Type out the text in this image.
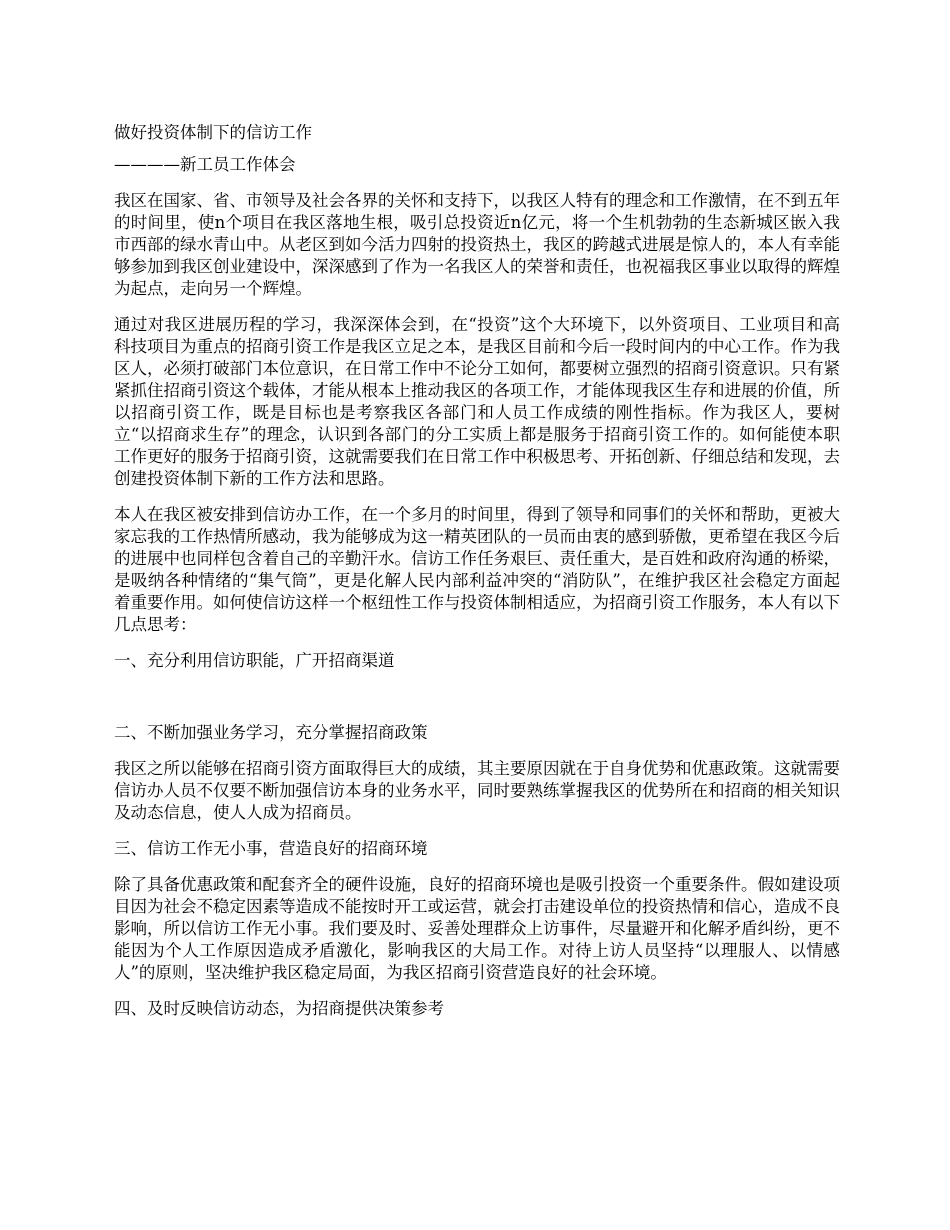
做好投资体制下的信访工作
————新工员工作体会

我区在国家、省、市领导及社会各界的关怀和支持下，以我区人特有的理念和工作激情，在不到五年的时间里，使n个项目在我区落地生根，吸引总投资近n亿元，将一个生机勃勃的生态新城区嵌入我市西部的绿水青山中。从老区到如今活力四射的投资热土，我区的跨越式进展是惊人的，本人有幸能够参加到我区创业建设中，深深感到了作为一名我区人的荣誉和责任，也祝福我区事业以取得的辉煌为起点，走向另一个辉煌。

通过对我区进展历程的学习，我深深体会到，在“投资”这个大环境下，以外资项目、工业项目和高科技项目为重点的招商引资工作是我区立足之本，是我区目前和今后一段时间内的中心工作。作为我区人，必须打破部门本位意识，在日常工作中不论分工如何，都要树立强烈的招商引资意识。只有紧紧抓住招商引资这个载体，才能从根本上推动我区的各项工作，才能体现我区生存和进展的价值，所以招商引资工作，既是目标也是考察我区各部门和人员工作成绩的刚性指标。作为我区人，要树立“以招商求生存”的理念，认识到各部门的分工实质上都是服务于招商引资工作的。如何能使本职工作更好的服务于招商引资，这就需要我们在日常工作中积极思考、开拓创新、仔细总结和发现，去创建投资体制下新的工作方法和思路。

本人在我区被安排到信访办工作，在一个多月的时间里，得到了领导和同事们的关怀和帮助，更被大家忘我的工作热情所感动，我为能够成为这一精英团队的一员而由衷的感到骄傲，更希望在我区今后的进展中也同样包含着自己的辛勤汗水。信访工作任务艰巨、责任重大，是百姓和政府沟通的桥梁，是吸纳各种情绪的“集气筒”，更是化解人民内部利益冲突的“消防队”，在维护我区社会稳定方面起着重要作用。如何使信访这样一个枢纽性工作与投资体制相适应，为招商引资工作服务，本人有以下几点思考：

一、充分利用信访职能，广开招商渠道
二、不断加强业务学习，充分掌握招商政策

我区之所以能够在招商引资方面取得巨大的成绩，其主要原因就在于自身优势和优惠政策。这就需要信访办人员不仅要不断加强信访本身的业务水平，同时要熟练掌握我区的优势所在和招商的相关知识及动态信息，使人人成为招商员。

三、信访工作无小事，营造良好的招商环境

除了具备优惠政策和配套齐全的硬件设施，良好的招商环境也是吸引投资一个重要条件。假如建设项目因为社会不稳定因素等造成不能按时开工或运营，就会打击建设单位的投资热情和信心，造成不良影响，所以信访工作无小事。我们要及时、妥善处理群众上访事件，尽量避开和化解矛盾纠纷，更不能因为个人工作原因造成矛盾激化，影响我区的大局工作。对待上访人员坚持“以理服人、以情感人”的原则，坚决维护我区稳定局面，为我区招商引资营造良好的社会环境。

四、及时反映信访动态，为招商提供决策参考
